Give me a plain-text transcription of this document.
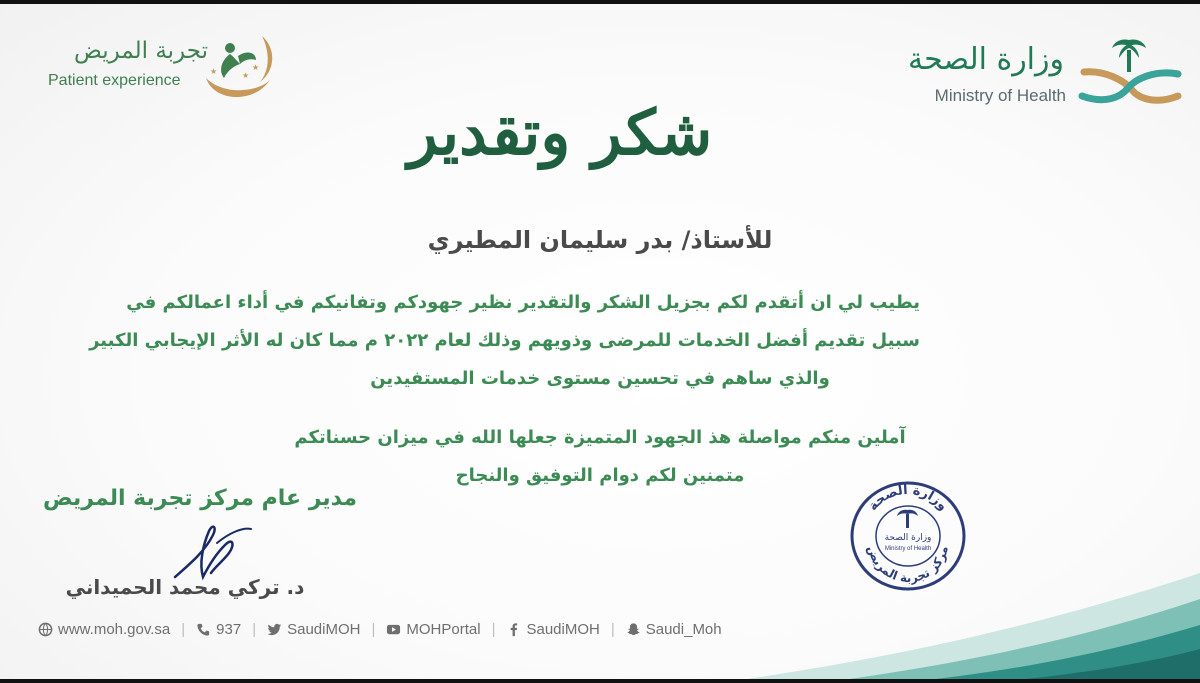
تجربة المريض
Patient experience
★	★
★	وزارة الصحة
Ministry of Health
شكر وتقدير
للأستاذ/ بدر سليمان المطيري
يطيب لي ان أتقدم لكم بجزيل الشكر والتقدير نظير جهودكم وتفانيكم في أداء اعمالكم في
سبيل تقديم أفضل الخدمات للمرضى وذويهم وذلك لعام ٢٠٢٢ م مما كان له الأثر الإيجابي الكبير
والذي ساهم في تحسين مستوى خدمات المستفيدين
آملين منكم مواصلة هذ الجهود المتميزة جعلها الله في ميزان حسناتكم
متمنين لكم دوام التوفيق والنجاح
مدير عام مركز تجربة المريض
د. تركي محمد الحميداني
وزارة الصحة
مركز تجربة المريض
وزارة الصحة
Ministry of Health
www.moh.gov.sa | 937 | SaudiMOH | MOHPortal | SaudiMOH | Saudi_Moh
